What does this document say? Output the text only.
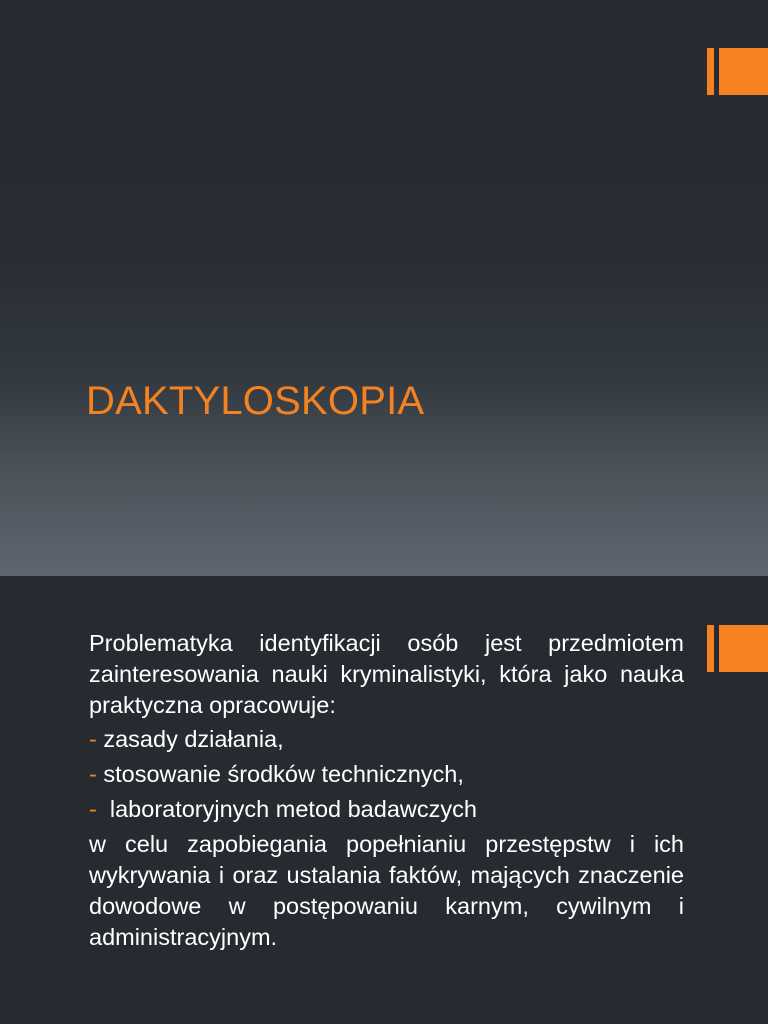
DAKTYLOSKOPIA

Problematyka identyfikacji osób jest przedmiotem zainteresowania nauki kryminalistyki, która jako nauka praktyczna opracowuje:

- zasady działania,
- stosowanie środków technicznych,
-  laboratoryjnych metod badawczych

w celu zapobiegania popełnianiu przestępstw i ich wykrywania i oraz ustalania faktów, mających znaczenie dowodowe w postępowaniu karnym, cywilnym i administracyjnym.
